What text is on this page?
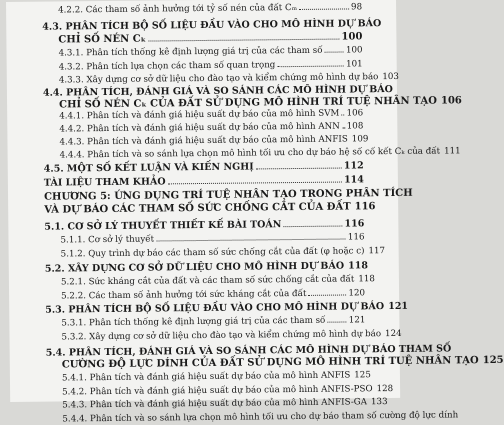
4.2.2. Các tham số ảnh hưởng tới tỷ số nén của đất Cₘ	98
4.3. PHÂN TÍCH BỘ SỐ LIỆU ĐẦU VÀO CHO MÔ HÌNH DỰ BÁO
CHỈ SỐ NÉN Cₖ	100
4.3.1. Phân tích thống kê định lượng giá trị của các tham số	100
4.3.2. Phân tích lựa chọn các tham số quan trọng	101
4.3.3. Xây dựng cơ sở dữ liệu cho đào tạo và kiểm chứng mô hình dự báo 103
4.4. PHÂN TÍCH, ĐÁNH GIÁ VÀ SO SÁNH CÁC MÔ HÌNH DỰ BÁO
CHỈ SỐ NÉN Cₖ CỦA ĐẤT SỬ DỤNG MÔ HÌNH TRÍ TUỆ NHÂN TẠO 106
4.4.1. Phân tích và đánh giá hiệu suất dự báo của mô hình SVM 106
4.4.2. Phân tích và đánh giá hiệu suất dự báo của mô hình ANN 108
4.4.3. Phân tích và đánh giá hiệu suất dự báo của mô hình ANFIS 109
4.4.4. Phân tích và so sánh lựa chọn mô hình tối ưu cho dự báo hệ số cố kết Cₖ của đất 111
4.5. MỘT SỐ KẾT LUẬN VÀ KIẾN NGHỊ	112
TÀI LIỆU THAM KHẢO	114
CHƯƠNG 5: ỨNG DỤNG TRÍ TUỆ NHÂN TẠO TRONG PHÂN TÍCH
VÀ DỰ BÁO CÁC THAM SỐ SỨC CHỐNG CẮT CỦA ĐẤT 116
5.1. CƠ SỞ LÝ THUYẾT THIẾT KẾ BÀI TOÁN	116
5.1.1. Cơ sở lý thuyết	116
5.1.2. Quy trình dự báo các tham số sức chống cắt của đất (φ hoặc c) 117
5.2. XÂY DỰNG CƠ SỞ DỮ LIỆU CHO MÔ HÌNH DỰ BÁO 118
5.2.1. Sức kháng cắt của đất và các tham số sức chống cắt của đất 118
5.2.2. Các tham số ảnh hưởng tới sức kháng cắt của đất	120
5.3. PHÂN TÍCH BỘ SỐ LIỆU ĐẦU VÀO CHO MÔ HÌNH DỰ BÁO 121
5.3.1. Phân tích thống kê định lượng giá trị của các tham số	121
5.3.2. Xây dựng cơ sở dữ liệu cho đào tạo và kiểm chứng mô hình dự báo 124
5.4. PHÂN TÍCH, ĐÁNH GIÁ VÀ SO SÁNH CÁC MÔ HÌNH DỰ BÁO THAM SỐ
CƯỜNG ĐỘ LỰC DÍNH CỦA ĐẤT SỬ DỤNG MÔ HÌNH TRÍ TUỆ NHÂN TẠO 125
5.4.1. Phân tích và đánh giá hiệu suất dự báo của mô hình ANFIS 125
5.4.2. Phân tích và đánh giá hiệu suất dự báo của mô hình ANFIS-PSO 128
5.4.3. Phân tích và đánh giá hiệu suất dự báo của mô hình ANFIS-GA 133
5.4.4. Phân tích và so sánh lựa chọn mô hình tối ưu cho dự báo tham số cường độ lực dính
